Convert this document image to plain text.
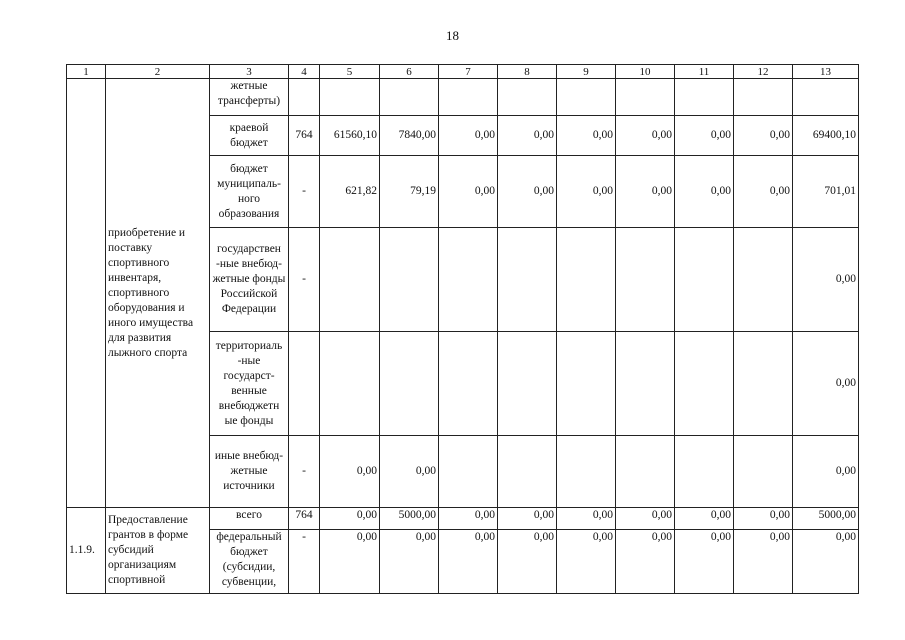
18
1	2	3	4	5	6	7	8	9	10	11	12	13
	приобретение и поставку спортивного инвентаря, спортивного оборудования и иного имущества для развития лыжного спорта	жетные трансферты)										
		краевой бюджет	764	61560,10	7840,00	0,00	0,00	0,00	0,00	0,00	0,00	69400,10
		бюджет муниципаль- ного образования	-	621,82	79,19	0,00	0,00	0,00	0,00	0,00	0,00	701,01
		государствен -ные внебюд- жетные фонды Российской Федерации	-									0,00
		территориаль -ные государст- венные внебюджетн ые фонды										0,00
		иные внебюд- жетные источники	-	0,00	0,00							0,00
1.1.9.	Предоставление грантов в форме субсидий организациям спортивной	всего	764	0,00	5000,00	0,00	0,00	0,00	0,00	0,00	0,00	5000,00
		федеральный бюджет (субсидии, субвенции,	-	0,00	0,00	0,00	0,00	0,00	0,00	0,00	0,00	0,00
